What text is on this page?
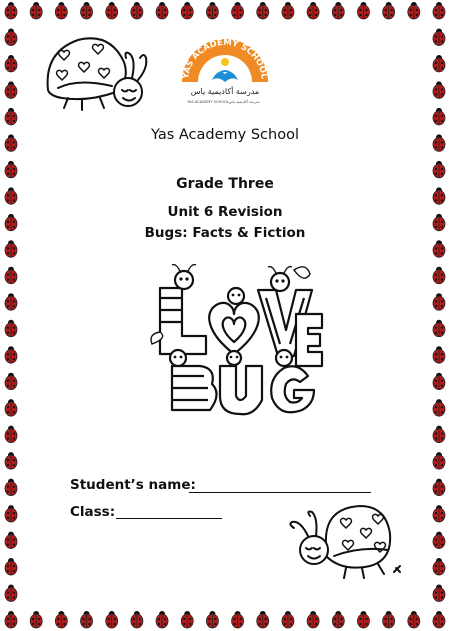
YAS ACADEMY SCHOOL
مدرسة أكاديمية ياس
YAS ACADEMY SCHOOL مدرسة أكاديمية ياس
Yas Academy School
Grade Three
Unit 6 Revision
Bugs: Facts & Fiction
Student’s name:
Class:
